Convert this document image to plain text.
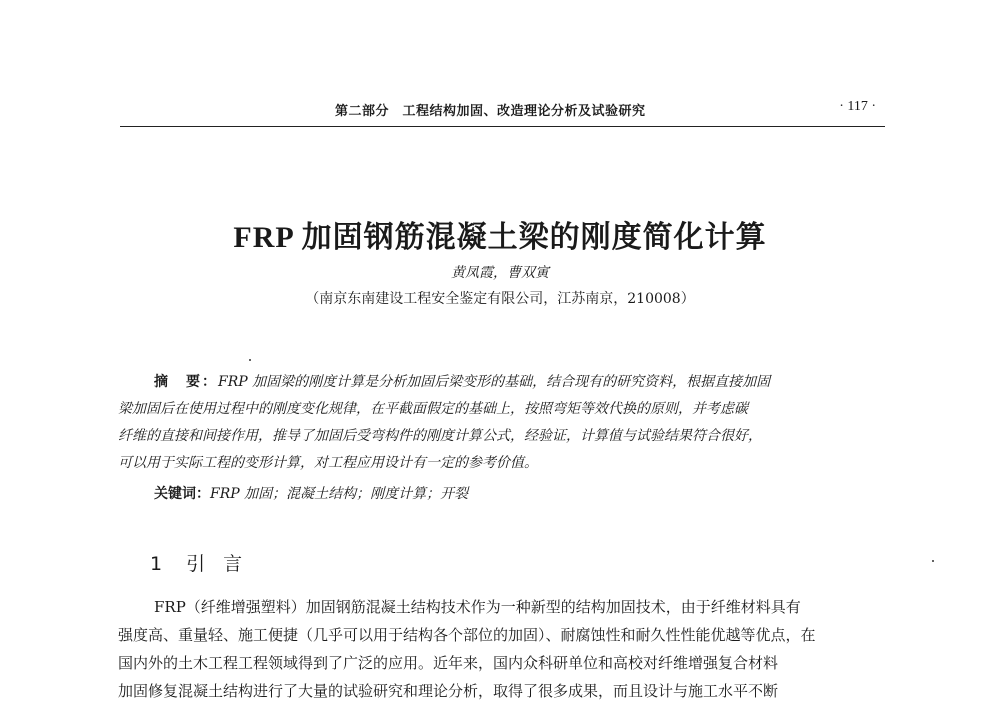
第二部分　工程结构加固、改造理论分析及试验研究	· 117 ·
FRP 加固钢筋混凝土梁的刚度简化计算
黄凤霞，曹双寅
（南京东南建设工程安全鉴定有限公司，江苏南京，210008）
摘　要：FRP 加固梁的刚度计算是分析加固后梁变形的基础，结合现有的研究资料，根据直接加固
梁加固后在使用过程中的刚度变化规律，在平截面假定的基础上，按照弯矩等效代换的原则，并考虑碳
纤维的直接和间接作用，推导了加固后受弯构件的刚度计算公式，经验证，计算值与试验结果符合很好，
可以用于实际工程的变形计算，对工程应用设计有一定的参考价值。
关键词：FRP 加固；混凝土结构；刚度计算；开裂
1 引言
FRP（纤维增强塑料）加固钢筋混凝土结构技术作为一种新型的结构加固技术，由于纤维材料具有
强度高、重量轻、施工便捷（几乎可以用于结构各个部位的加固）、耐腐蚀性和耐久性性能优越等优点，在
国内外的土木工程工程领域得到了广泛的应用。近年来，国内众科研单位和高校对纤维增强复合材料
加固修复混凝土结构进行了大量的试验研究和理论分析，取得了很多成果，而且设计与施工水平不断
